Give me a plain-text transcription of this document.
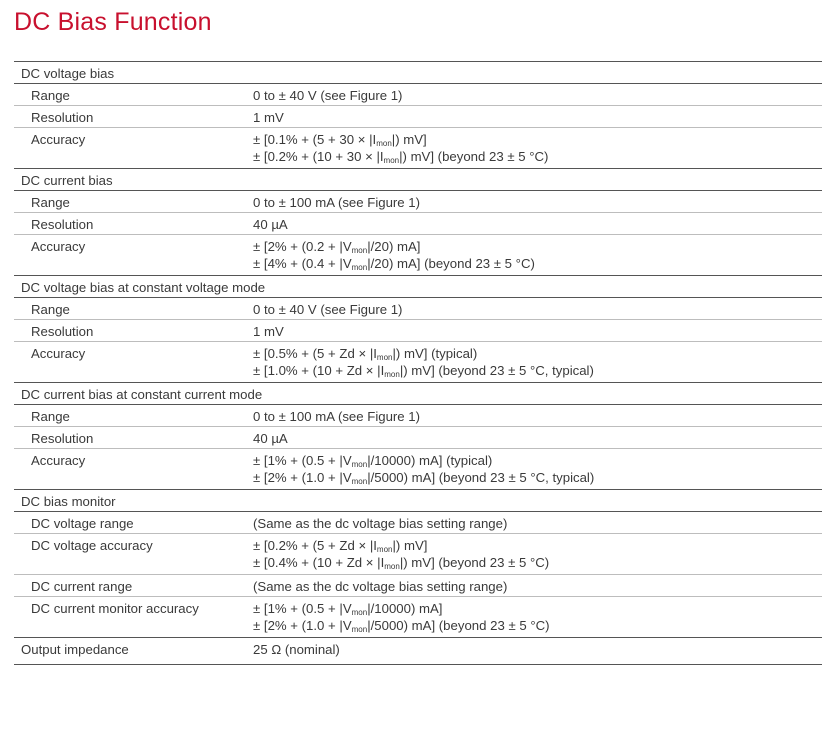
DC Bias Function
DC voltage bias
Range	0 to ± 40 V (see Figure 1)
Resolution	1 mV
Accuracy	± [$0.1\% + (5 + 30 \times |I_{mon}|)$ mV]
± [$0.2\% + (10 + 30 \times |I_{mon}|)$ mV] (beyond 23 ± 5 °C)
DC current bias
Range	0 to ± 100 mA (see Figure 1)
Resolution	40 µA
Accuracy	± [$2\% + (0.2 + |V_{mon}|/20)$ mA]
± [$4\% + (0.4 + |V_{mon}|/20)$ mA] (beyond 23 ± 5 °C)
DC voltage bias at constant voltage mode
Range	0 to ± 40 V (see Figure 1)
Resolution	1 mV
Accuracy	± [$0.5\% + (5 + Zd \times |I_{mon}|)$ mV] (typical)
± [$1.0\% + (10 + Zd \times |I_{mon}|)$ mV] (beyond 23 ± 5 °C, typical)
DC current bias at constant current mode
Range	0 to ± 100 mA (see Figure 1)
Resolution	40 µA
Accuracy	± [$1\% + (0.5 + |V_{mon}|/10000)$ mA] (typical)
± [$2\% + (1.0 + |V_{mon}|/5000)$ mA] (beyond 23 ± 5 °C, typical)
DC bias monitor
DC voltage range	(Same as the dc voltage bias setting range)
DC voltage accuracy	± [$0.2\% + (5 + Zd \times |I_{mon}|)$ mV]
± [$0.4\% + (10 + Zd \times |I_{mon}|)$ mV] (beyond 23 ± 5 °C)
DC current range	(Same as the dc voltage bias setting range)
DC current monitor accuracy	± [$1\% + (0.5 + |V_{mon}|/10000)$ mA]
± [$2\% + (1.0 + |V_{mon}|/5000)$ mA] (beyond 23 ± 5 °C)
Output impedance	25 Ω (nominal)
